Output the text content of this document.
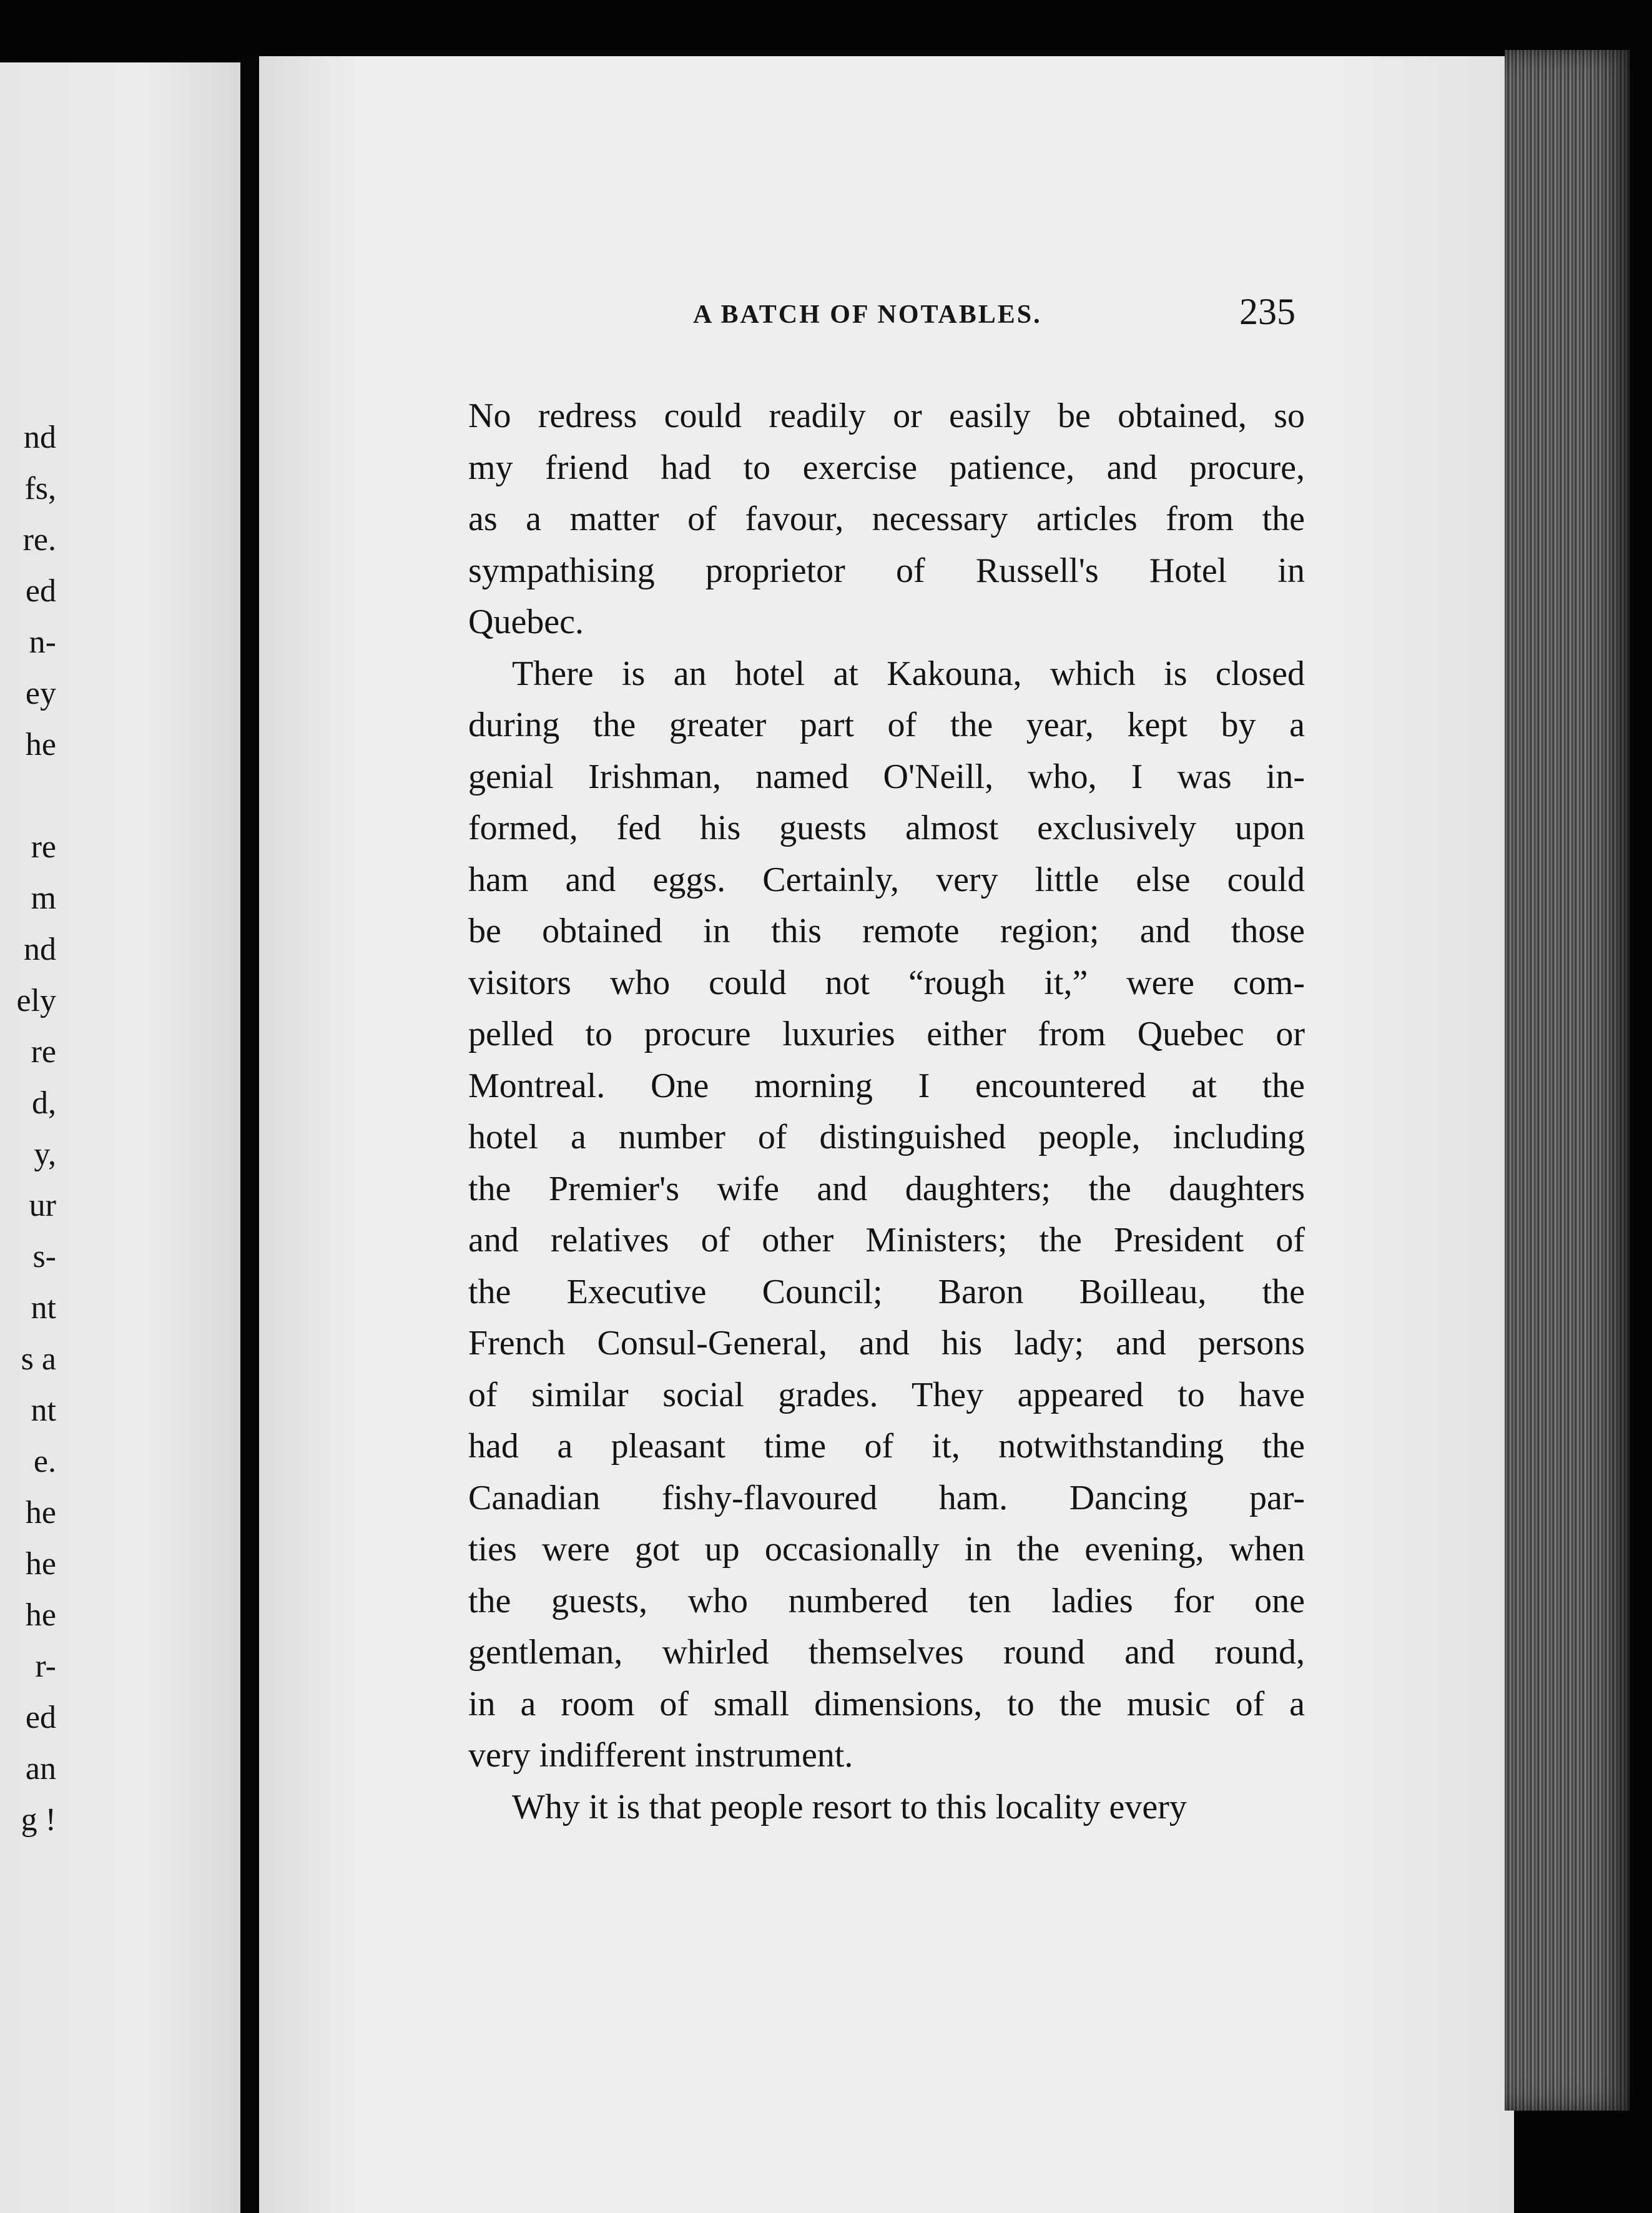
nd
fs,
re.
ed
n-
ey
he

re
m
nd
ely
re
d,
y,
ur
s-
nt
s a
nt
e.
he
he
he
r-
ed
an
g !
A BATCH OF NOTABLES.	235

No redress could readily or easily be obtained, so
my friend had to exercise patience, and procure,
as a matter of favour, necessary articles from the
sympathising proprietor of Russell's Hotel in
Quebec.

There is an hotel at Kakouna, which is closed
during the greater part of the year, kept by a
genial Irishman, named O'Neill, who, I was in-
formed, fed his guests almost exclusively upon
ham and eggs. Certainly, very little else could
be obtained in this remote region; and those
visitors who could not “rough it,” were com-
pelled to procure luxuries either from Quebec or
Montreal. One morning I encountered at the
hotel a number of distinguished people, including
the Premier's wife and daughters; the daughters
and relatives of other Ministers; the President of
the Executive Council; Baron Boilleau, the
French Consul-General, and his lady; and persons
of similar social grades. They appeared to have
had a pleasant time of it, notwithstanding the
Canadian fishy-flavoured ham. Dancing par-
ties were got up occasionally in the evening, when
the guests, who numbered ten ladies for one
gentleman, whirled themselves round and round,
in a room of small dimensions, to the music of a
very indifferent instrument.

Why it is that people resort to this locality every
